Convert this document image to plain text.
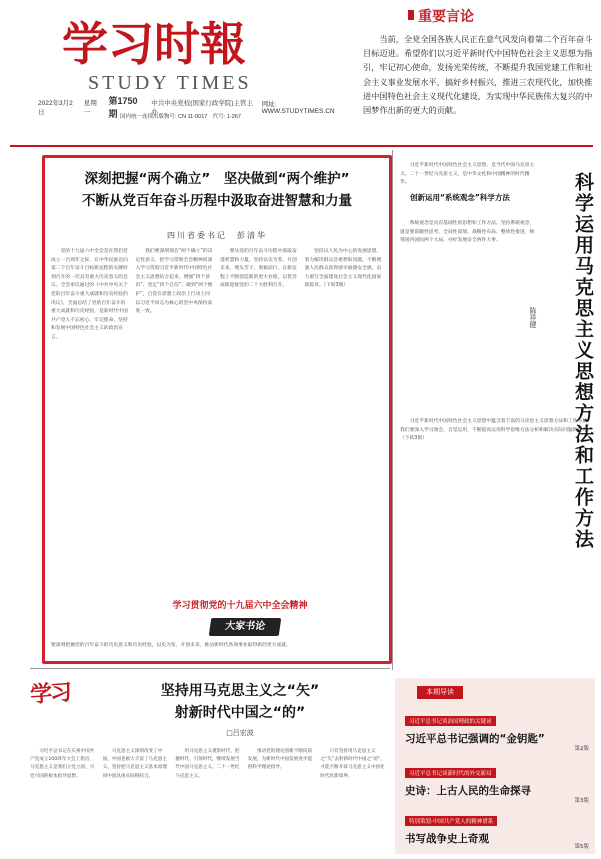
学 习 时 報
STUDY TIMES
2022年3月2日
星期一
第1750期
中共中央党校(国家行政学院)主管主办
网址: WWW.STUDYTIMES.CN
国内统一连续出版物号: CN 11-0017　代号: 1-267
重要言论
当前，全党全国各族人民正在意气风发向着第二个百年奋斗目标迈进。希望你们以习近平新时代中国特色社会主义思想为指引，牢记初心使命，发扬光荣传统，不断提升我国党建工作和社会主义事业发展水平，搞好乡村振兴，推进三农现代化，加快推进中国特色社会主义现代化建设，为实现中华民族伟大复兴的中国梦作出新的更大的贡献。
深刻把握“两个确立”　坚决做到“两个维护”
不断从党百年奋斗历程中汲取奋进智慧和力量
四川省委书记　彭清华
党的十九届六中全会是在我们党成立一百周年之际、在中华民族迈向第二个百年奋斗目标新征程的关键时刻召开的一次具有重大历史意义的会议。全会审议通过的《中共中央关于党的百年奋斗重大成就和历史经验的决议》，全面总结了党的百年奋斗的重大成就和历史经验，是新时代中国共产党人不忘初心、牢记使命，坚持和发展中国特色社会主义的政治宣言。
我们要深刻领会“两个确立”的决定性意义，把学习贯彻全会精神同深入学习贯彻习近平新时代中国特色社会主义思想结合起来，增强“四个意识”、坚定“四个自信”、做到“两个维护”，自觉在思想上政治上行动上同以习近平同志为核心的党中央保持高度一致。
要从党的百年奋斗历程中汲取奋进智慧和力量，坚持以史为鉴、开创未来，埋头苦干、勇毅前行，在新征程上不断创造新的更大业绩，以优异成绩迎接党的二十大胜利召开。
坚持以人民为中心的发展思想，着力解决群众急难愁盼问题，不断增强人民群众获得感幸福感安全感，奋力谱写全面建设社会主义现代化国家新篇章。（下转3版）
学习贯彻党的十九届六中全会精神
大家书论
要深刻把握党的百年奋斗的历史意义和历史经验，以史为鉴，开创未来，推动新时代各项事业取得新的更大成就。
习近平新时代中国特色社会主义思想，是当代中国马克思主义、二十一世纪马克思主义，是中华文化和中国精神的时代精华。
创新运用“系统观念”科学方法
系统观念是具有基础性的思想和工作方法。坚持系统观念，就是要前瞻性思考、全局性谋划、战略性布局、整体性推进，统筹国内国际两个大局，办好发展安全两件大事。
习近平新时代中国特色社会主义思想中蕴含着丰富的马克思主义思想方法和工作方法，我们要深入学习领会、自觉运用，不断提高运用科学思维方法分析和解决实际问题的能力。（下转3版）	科学运用马克思主义思想方法和工作方法
陈祥健
学习	坚持用马克思主义之“矢”
射新时代中国之“的”
□吕宏波
习近平总书记在庆祝中国共产党成立100周年大会上指出，马克思主义是我们立党立国、兴党兴国的根本指导思想。
马克思主义深刻改变了中国，中国也极大丰富了马克思主义。坚持把马克思主义基本原理同中国具体实际相结合。
用马克思主义观察时代、把握时代、引领时代，继续发展当代中国马克思主义、二十一世纪马克思主义。
推动党的理论创新不断向前发展，为新时代中国发展进步提供科学理论指导。
只有坚持用马克思主义之“矢”去射新时代中国之“的”，才能不断开辟马克思主义中国化时代化新境界。
本期导读
习近平总书记谈治国理政的关键词
习近平总书记强调的“金钥匙”
第2版
习近平总书记谈新时代的外交新局
史诗：上古人民的生命探寻
第3版
特别策划·中国共产党人的精神谱系
书写战争史上奇观
第5版
